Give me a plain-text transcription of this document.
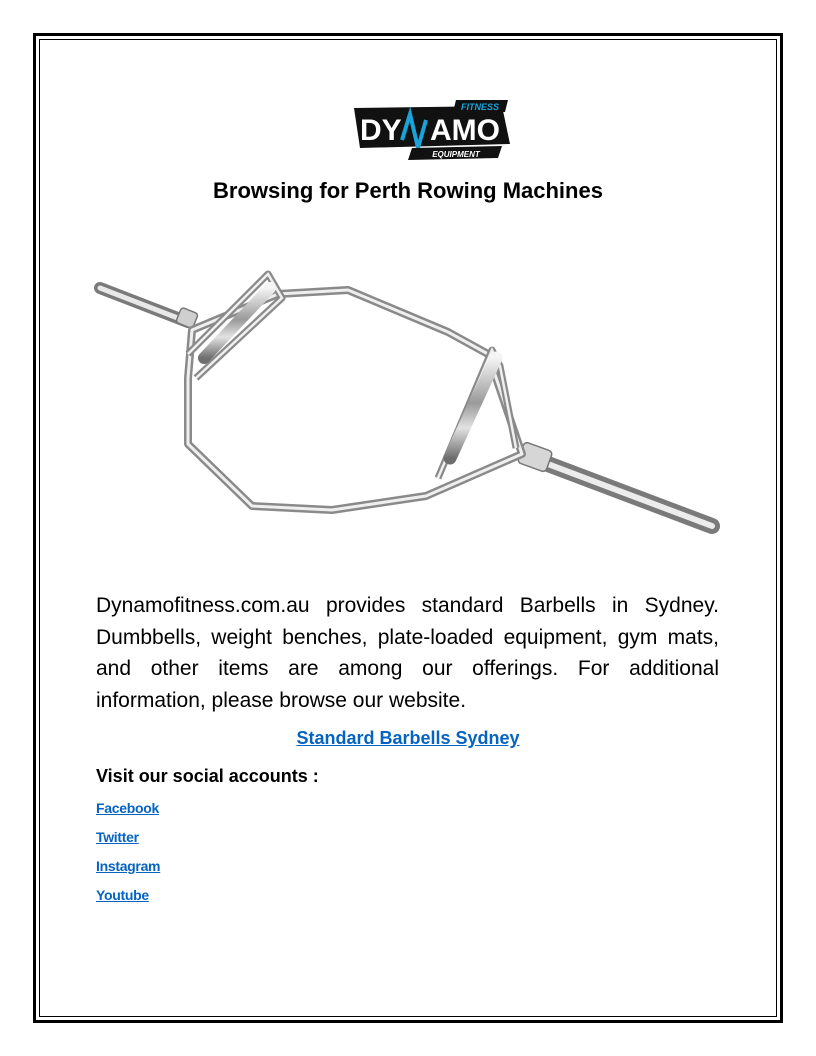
FITNESS
DY AMO
EQUIPMENT
Browsing for Perth Rowing Machines

Dynamofitness.com.au provides standard Barbells in Sydney. Dumbbells, weight benches, plate-loaded equipment, gym mats, and other items are among our offerings. For additional information, please browse our website.

Standard Barbells Sydney

Visit our social accounts :

Facebook
Twitter
Instagram
Youtube
